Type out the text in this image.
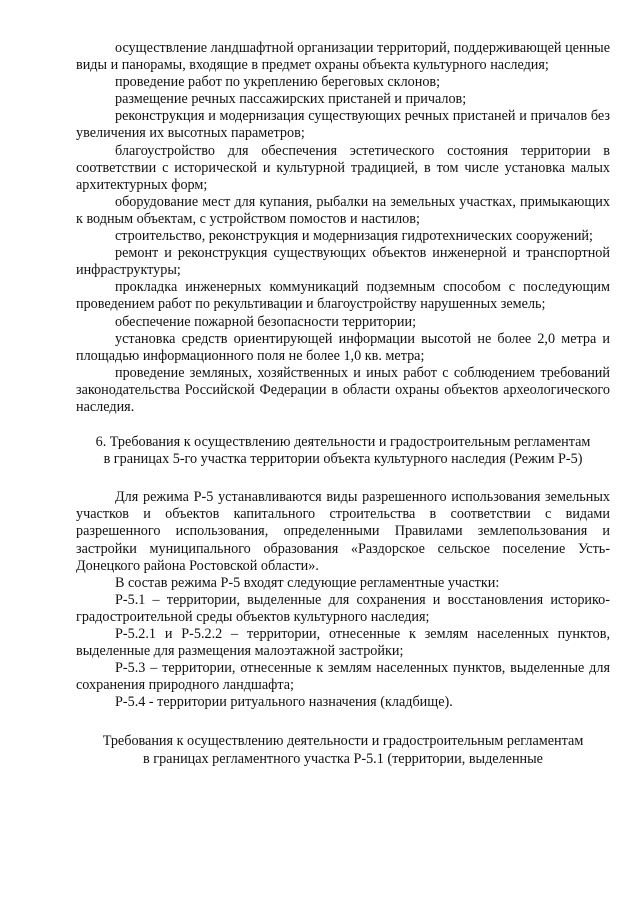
осуществление ландшафтной организации территорий, поддерживающей ценные виды и панорамы, входящие в предмет охраны объекта культурного наследия;

проведение работ по укреплению береговых склонов;

размещение речных пассажирских пристаней и причалов;

реконструкция и модернизация существующих речных пристаней и причалов без увеличения их высотных параметров;

благоустройство для обеспечения эстетического состояния территории в соответствии с исторической и культурной традицией, в том числе установка малых архитектурных форм;

оборудование мест для купания, рыбалки на земельных участках, примыкающих к водным объектам, с устройством помостов и настилов;

строительство, реконструкция и модернизация гидротехнических сооружений;

ремонт и реконструкция существующих объектов инженерной и транспортной инфраструктуры;

прокладка инженерных коммуникаций подземным способом с последующим проведением работ по рекультивации и благоустройству нарушенных земель;

обеспечение пожарной безопасности территории;

установка средств ориентирующей информации высотой не более 2,0 метра и площадью информационного поля не более 1,0 кв. метра;

проведение земляных, хозяйственных и иных работ с соблюдением требований законодательства Российской Федерации в области охраны объектов археологического наследия.

6. Требования к осуществлению деятельности и градостроительным регламентам

в границах 5-го участка территории объекта культурного наследия (Режим Р-5)

Для режима Р-5 устанавливаются виды разрешенного использования земельных участков и объектов капитального строительства в соответствии с видами разрешенного использования, определенными Правилами землепользования и застройки муниципального образования «Раздорское сельское поселение Усть-Донецкого района Ростовской области».

В состав режима Р-5 входят следующие регламентные участки:

Р-5.1 – территории, выделенные для сохранения и восстановления историко-градостроительной среды объектов культурного наследия;

Р-5.2.1 и Р-5.2.2 – территории, отнесенные к землям населенных пунктов, выделенные для размещения малоэтажной застройки;

Р-5.3 – территории, отнесенные к землям населенных пунктов, выделенные для сохранения природного ландшафта;

Р-5.4 - территории ритуального назначения (кладбище).

Требования к осуществлению деятельности и градостроительным регламентам

в границах регламентного участка Р-5.1 (территории, выделенные
